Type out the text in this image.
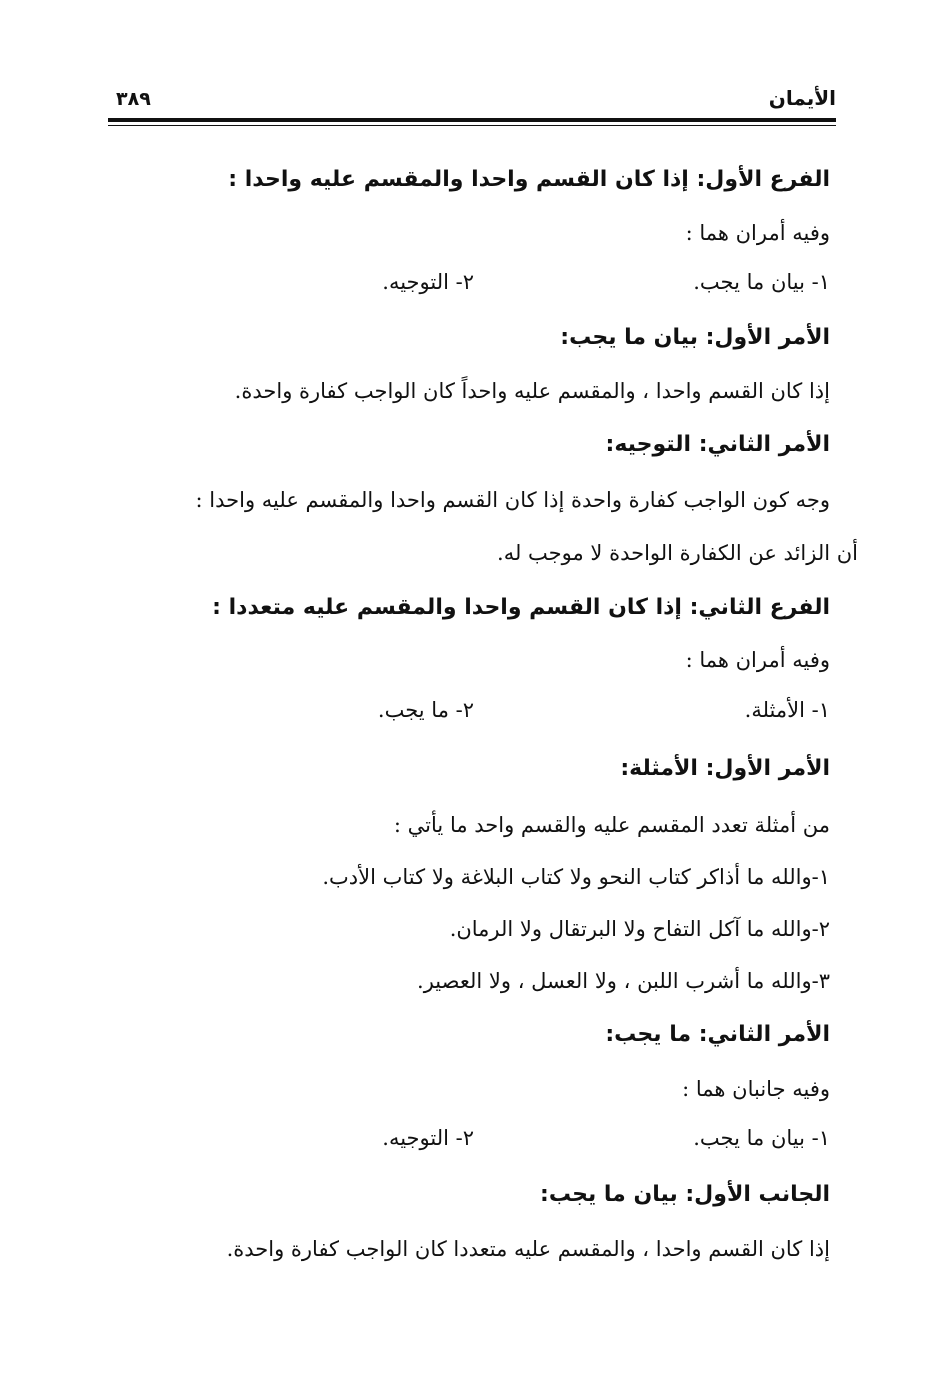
الأيمان
٣٨٩
الفرع الأول: إذا كان القسم واحدا والمقسم عليه واحدا :
وفيه أمران هما :
١- بيان ما يجب.
٢- التوجيه.
الأمر الأول: بيان ما يجب:
إذا كان القسم واحدا ، والمقسم عليه واحداً كان الواجب كفارة واحدة.
الأمر الثاني: التوجيه:
وجه كون الواجب كفارة واحدة إذا كان القسم واحدا والمقسم عليه واحدا :
أن الزائد عن الكفارة الواحدة لا موجب له.
الفرع الثاني: إذا كان القسم واحدا والمقسم عليه متعددا :
وفيه أمران هما :
١- الأمثلة.
٢- ما يجب.
الأمر الأول: الأمثلة:
من أمثلة تعدد المقسم عليه والقسم واحد ما يأتي :
١-والله ما أذاكر كتاب النحو ولا كتاب البلاغة ولا كتاب الأدب.
٢-والله ما آكل التفاح ولا البرتقال ولا الرمان.
٣-والله ما أشرب اللبن ، ولا العسل ، ولا العصير.
الأمر الثاني: ما يجب:
وفيه جانبان هما :
١- بيان ما يجب.
٢- التوجيه.
الجانب الأول: بيان ما يجب:
إذا كان القسم واحدا ، والمقسم عليه متعددا كان الواجب كفارة واحدة.
